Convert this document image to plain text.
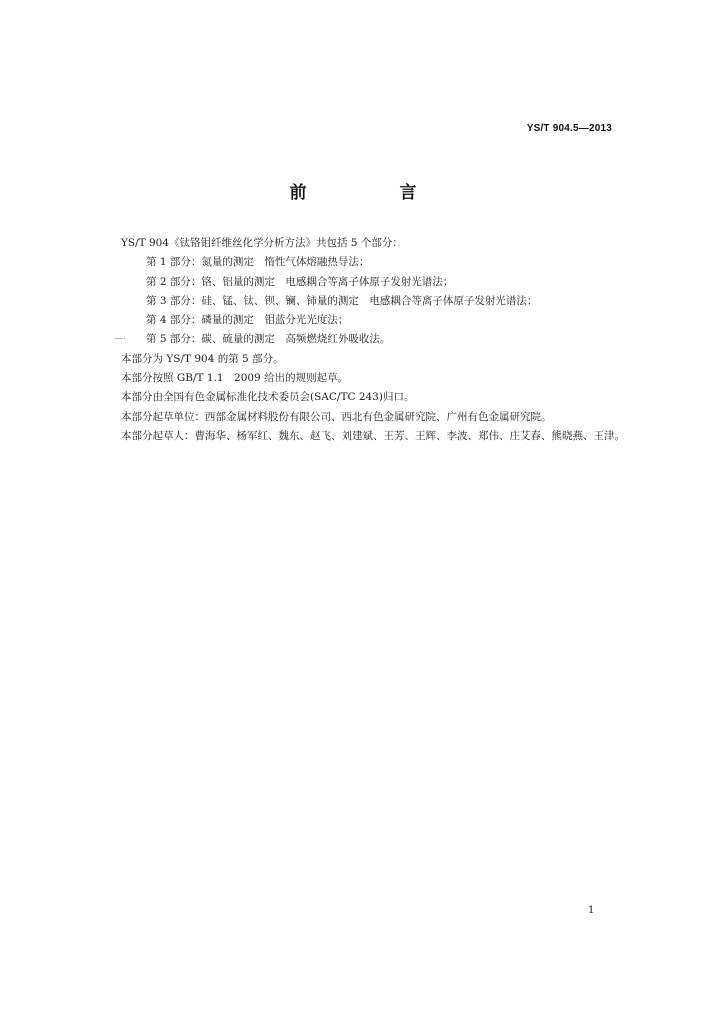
YS/T 904.5—2013
前　言
YS/T 904《钛铬钼纤维丝化学分析方法》共包括 5 个部分：
第 1 部分：氮量的测定　惰性气体熔融热导法；
第 2 部分：铬、铝量的测定　电感耦合等离子体原子发射光谱法；
第 3 部分：硅、锰、钛、钡、镧、铈量的测定　电感耦合等离子体原子发射光谱法；
第 4 部分：磷量的测定　钼蓝分光光度法；
—· 第 5 部分：碳、硫量的测定　高频燃烧红外吸收法。
本部分为 YS/T 904 的第 5 部分。
本部分按照 GB/T 1.1　2009 给出的规则起草。
本部分由全国有色金属标准化技术委员会(SAC/TC 243)归口。
本部分起草单位：西部金属材料股份有限公司、西北有色金属研究院、广州有色金属研究院。
本部分起草人：曹海华、杨军红、魏东、赵飞、刘建斌、王芳、王辉、李波、郑伟、庄艾春、熊晓燕、王津。
1
